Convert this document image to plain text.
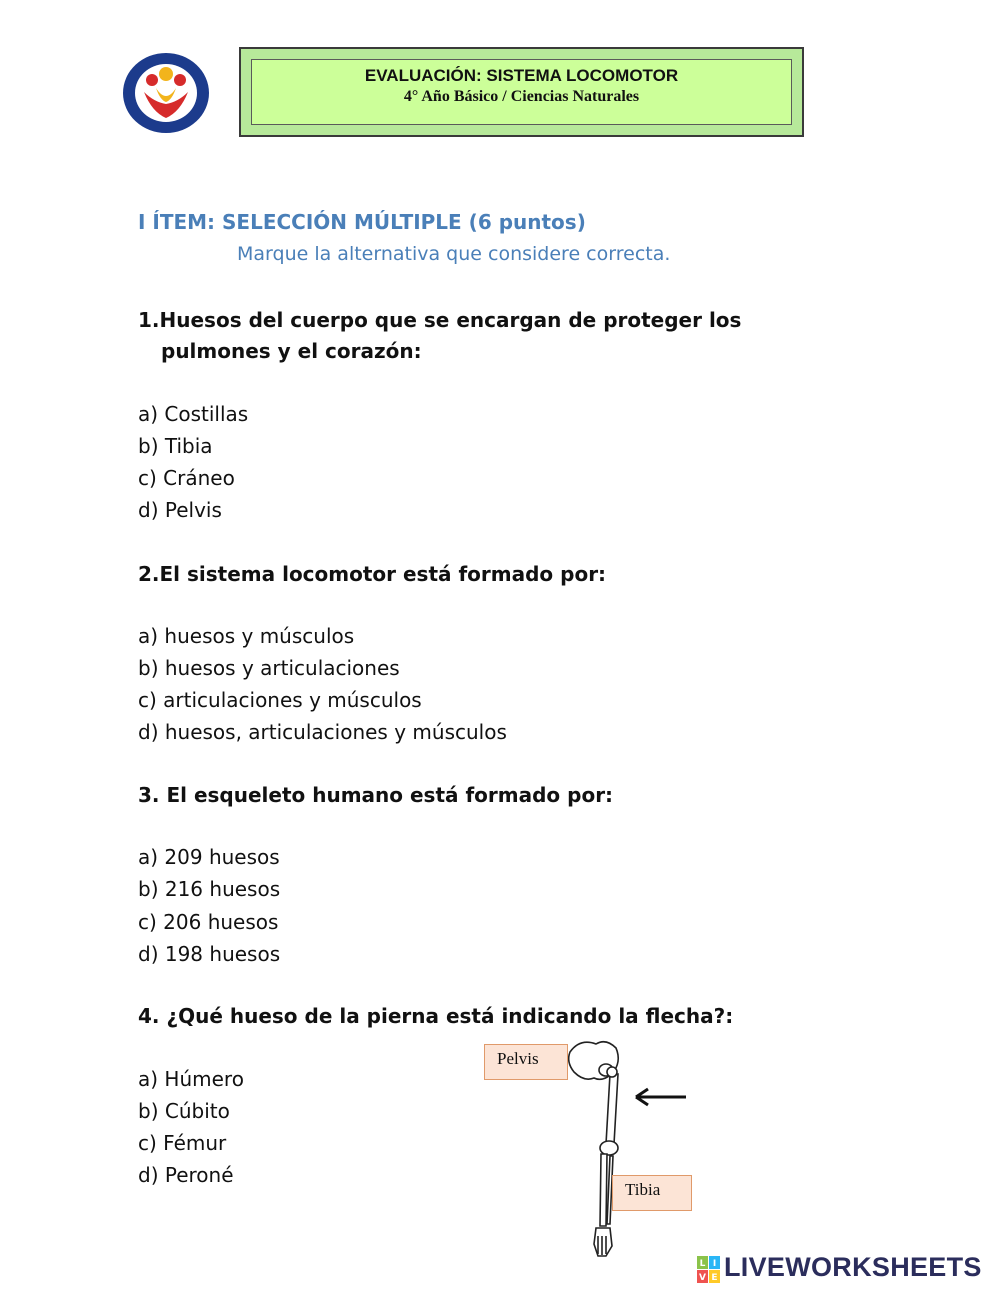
EVALUACIÓN: SISTEMA LOCOMOTOR
4° Año Básico / Ciencias Naturales
I ÍTEM: SELECCIÓN MÚLTIPLE (6 puntos)
Marque la alternativa que considere correcta.
1.Huesos del cuerpo que se encargan de proteger los
pulmones y el corazón:
a) Costillas
b) Tibia
c) Cráneo
d) Pelvis
2.El sistema locomotor está formado por:
a) huesos y músculos
b) huesos y articulaciones
c) articulaciones y músculos
d) huesos, articulaciones y músculos
3. El esqueleto humano está formado por:
a) 209 huesos
b) 216 huesos
c) 206 huesos
d) 198 huesos
4. ¿Qué hueso de la pierna está indicando la flecha?:
a) Húmero
b) Cúbito
c) Fémur
d) Peroné
Pelvis
Tibia
L I
V E LIVEWORKSHEETS
